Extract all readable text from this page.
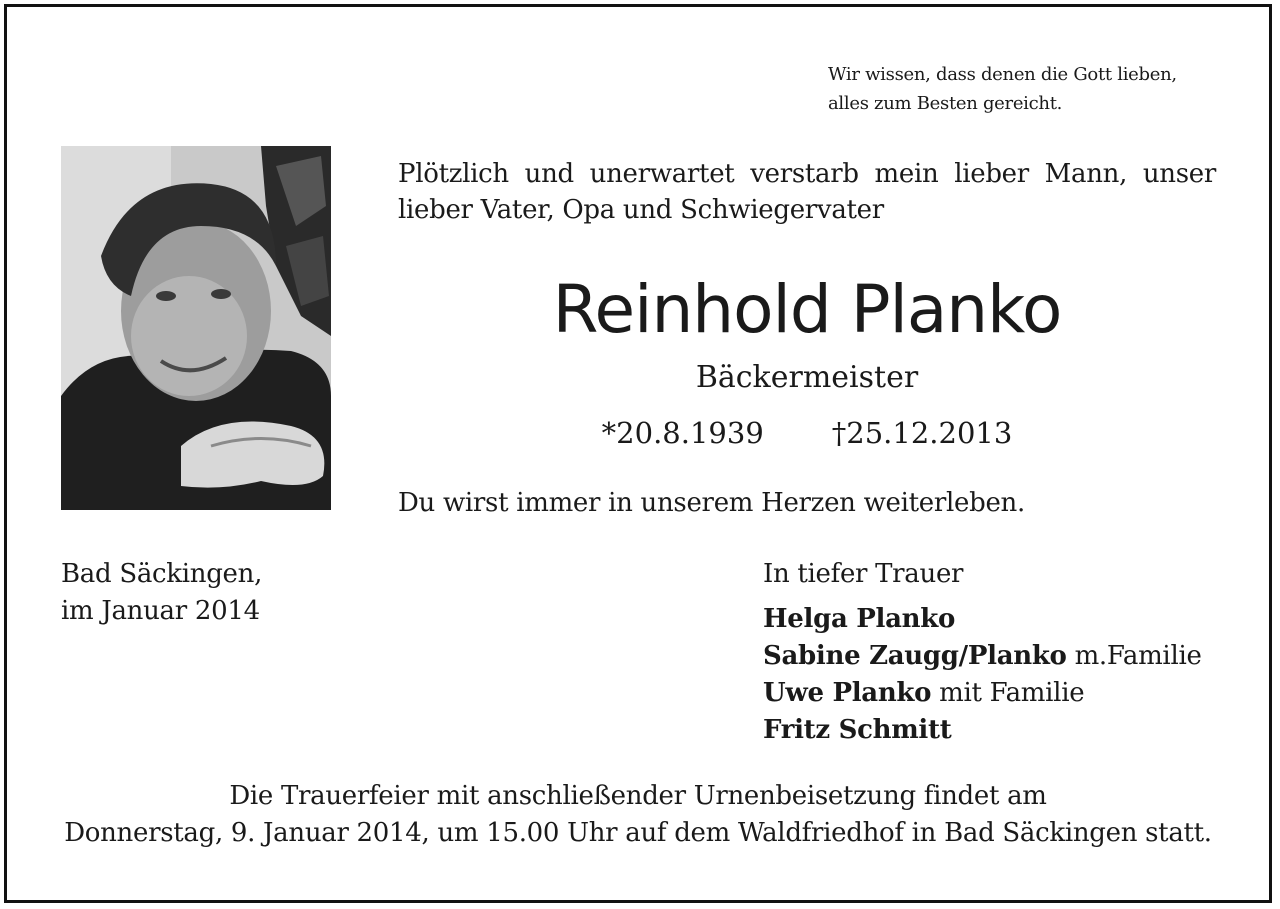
Wir wissen, dass denen die Gott lieben,
alles zum Besten gereicht.
Plötzlich und unerwartet verstarb mein lieber Mann, unser lieber Vater, Opa und Schwiegervater
Reinhold Planko
Bäckermeister
*20.8.1939 †25.12.2013
Du wirst immer in unserem Herzen weiterleben.
Bad Säckingen,
im Januar 2014
In tiefer Trauer
Helga Planko
Sabine Zaugg/Planko m.Familie
Uwe Planko mit Familie
Fritz Schmitt
Die Trauerfeier mit anschließender Urnenbeisetzung findet am
Donnerstag, 9. Januar 2014, um 15.00 Uhr auf dem Waldfriedhof in Bad Säckingen statt.
